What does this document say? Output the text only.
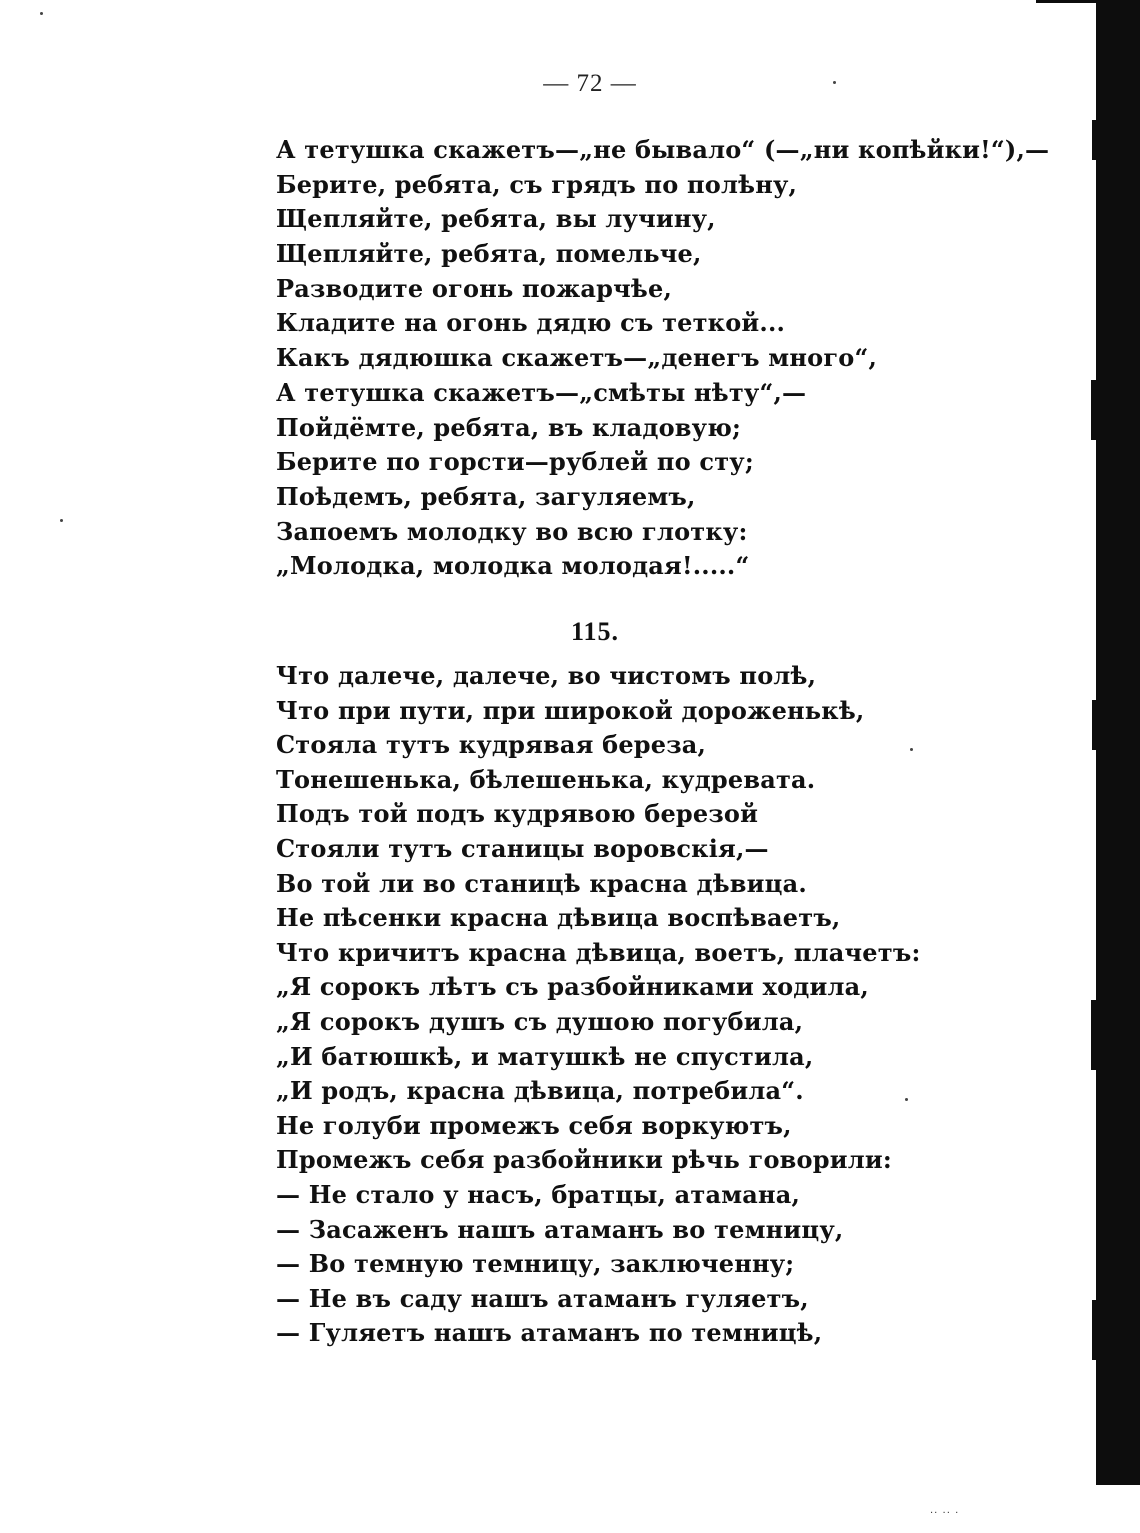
— 72 —
А тетушка скажетъ—„не бывало“ (—„ни копѣйки!“),—
Берите, ребята, съ грядъ по полѣну,
Щепляйте, ребята, вы лучину,
Щепляйте, ребята, помельче,
Разводите огонь пожарчѣе,
Кладите на огонь дядю съ теткой...
Какъ дядюшка скажетъ—„денегъ много“,
А тетушка скажетъ—„смѣты нѣту“,—
Пойдёмте, ребята, въ кладовую;
Берите по горсти—рублей по сту;
Поѣдемъ, ребята, загуляемъ,
Запоемъ молодку во всю глотку:
„Молодка, молодка молодая!.....“
115.
Что далече, далече, во чистомъ полѣ,
Что при пути, при широкой дороженькѣ,
Стояла тутъ кудрявая береза,
Тонешенька, бѣлешенька, кудревата.
Подъ той подъ кудрявою березой
Стояли тутъ станицы воровскія,—
Во той ли во станицѣ красна дѣвица.
Не пѣсенки красна дѣвица воспѣваетъ,
Что кричитъ красна дѣвица, воетъ, плачетъ:
„Я сорокъ лѣтъ съ разбойниками ходила,
„Я сорокъ душъ съ душою погубила,
„И батюшкѣ, и матушкѣ не спустила,
„И родъ, красна дѣвица, потребила“.
Не голуби промежъ себя воркуютъ,
Промежъ себя разбойники рѣчь говорили:
— Не стало у насъ, братцы, атамана,
— Засаженъ нашъ атаманъ во темницу,
— Во темную темницу, заключенну;
— Не въ саду нашъ атаманъ гуляетъ,
— Гуляетъ нашъ атаманъ по темницѣ,
·· ·· ·
